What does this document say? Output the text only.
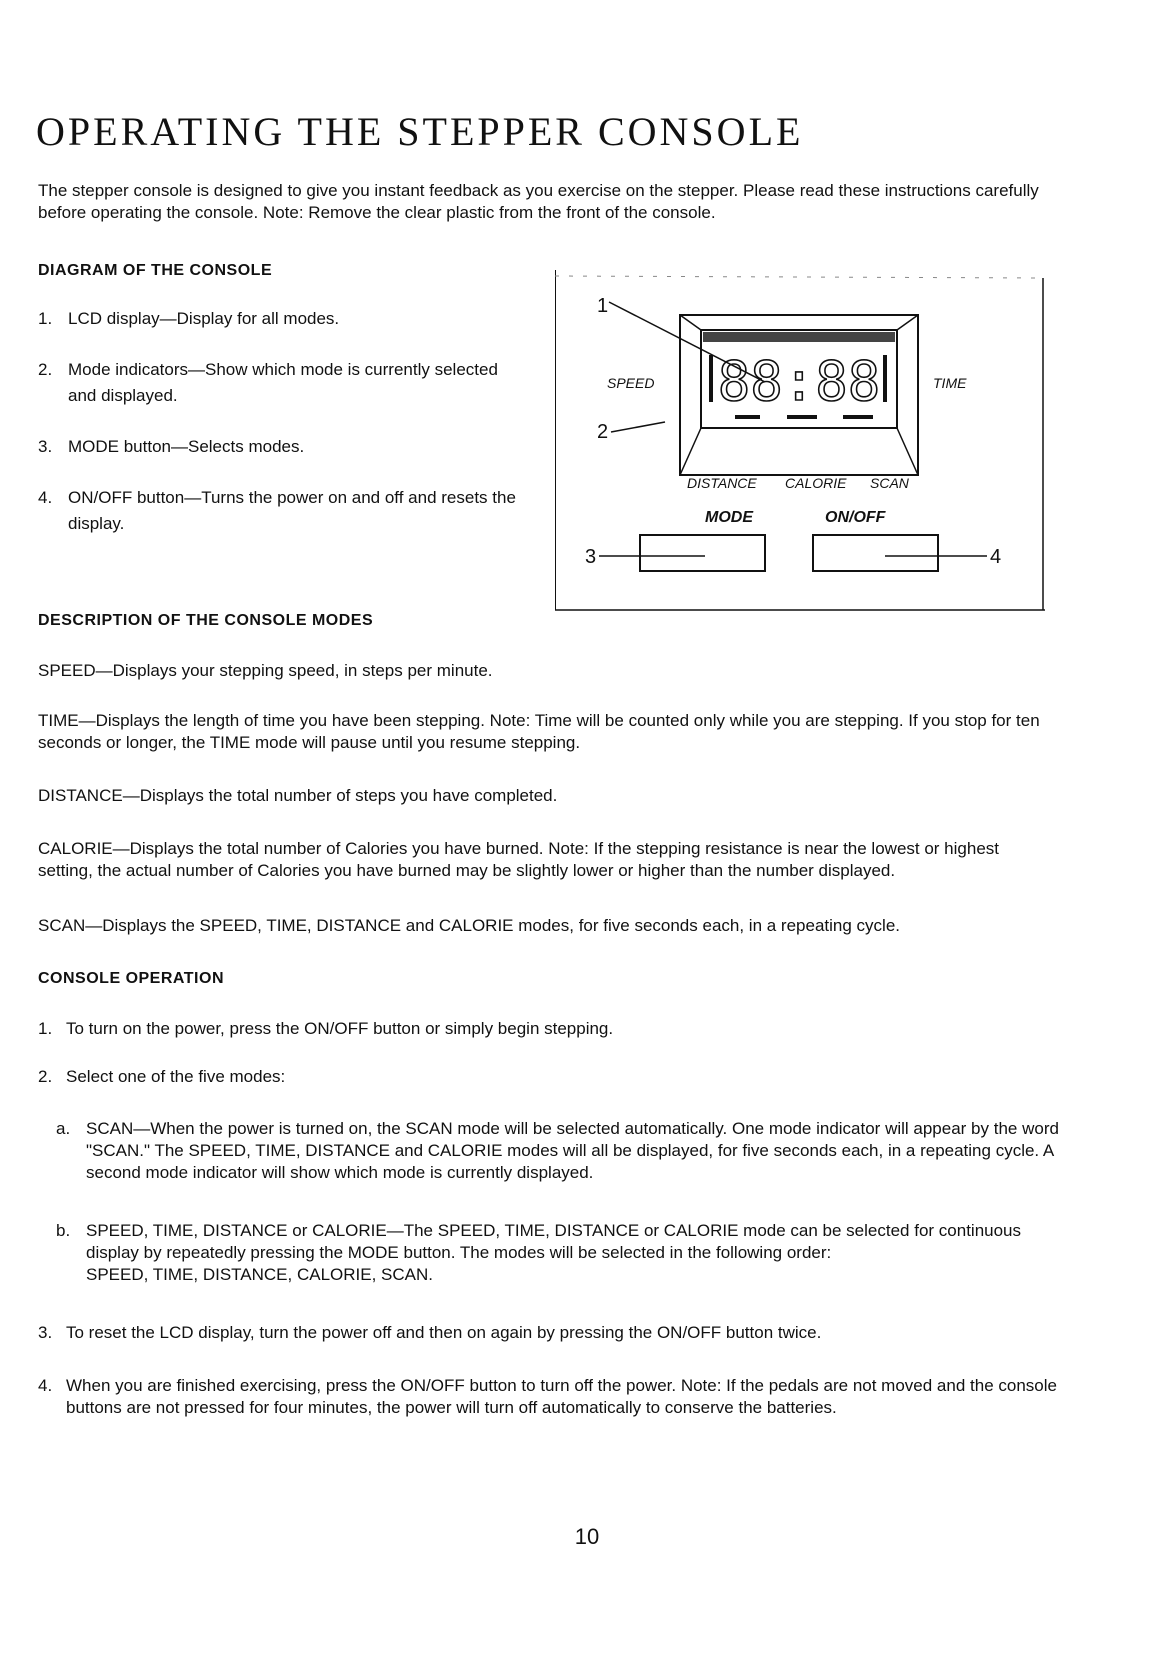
OPERATING THE STEPPER CONSOLE

The stepper console is designed to give you instant feedback as you exercise on the stepper. Please read these instructions carefully before operating the console. Note: Remove the clear plastic from the front of the console.

DIAGRAM OF THE CONSOLE
1. LCD display—Display for all modes.
2. Mode indicators—Show which mode is currently selected and displayed.
3. MODE button—Selects modes.
4. ON/OFF button—Turns the power on and off and resets the display.
88:88
SPEED	TIME
DISTANCE CALORIE SCAN
MODE	ON/OFF
1
2
3	4
DESCRIPTION OF THE CONSOLE MODES

SPEED—Displays your stepping speed, in steps per minute.

TIME—Displays the length of time you have been stepping. Note: Time will be counted only while you are stepping. If you stop for ten seconds or longer, the TIME mode will pause until you resume stepping.

DISTANCE—Displays the total number of steps you have completed.

CALORIE—Displays the total number of Calories you have burned. Note: If the stepping resistance is near the lowest or highest setting, the actual number of Calories you have burned may be slightly lower or higher than the number displayed.

SCAN—Displays the SPEED, TIME, DISTANCE and CALORIE modes, for five seconds each, in a repeating cycle.

CONSOLE OPERATION
1. To turn on the power, press the ON/OFF button or simply begin stepping.
2. Select one of the five modes:
a. SCAN—When the power is turned on, the SCAN mode will be selected automatically. One mode indicator will appear by the word "SCAN." The SPEED, TIME, DISTANCE and CALORIE modes will all be displayed, for five seconds each, in a repeating cycle. A second mode indicator will show which mode is currently displayed.
b. SPEED, TIME, DISTANCE or CALORIE—The SPEED, TIME, DISTANCE or CALORIE mode can be selected for continuous display by repeatedly pressing the MODE button. The modes will be selected in the following order:
SPEED, TIME, DISTANCE, CALORIE, SCAN.
3. To reset the LCD display, turn the power off and then on again by pressing the ON/OFF button twice.
4. When you are finished exercising, press the ON/OFF button to turn off the power. Note: If the pedals are not moved and the console buttons are not pressed for four minutes, the power will turn off automatically to conserve the batteries.
10
